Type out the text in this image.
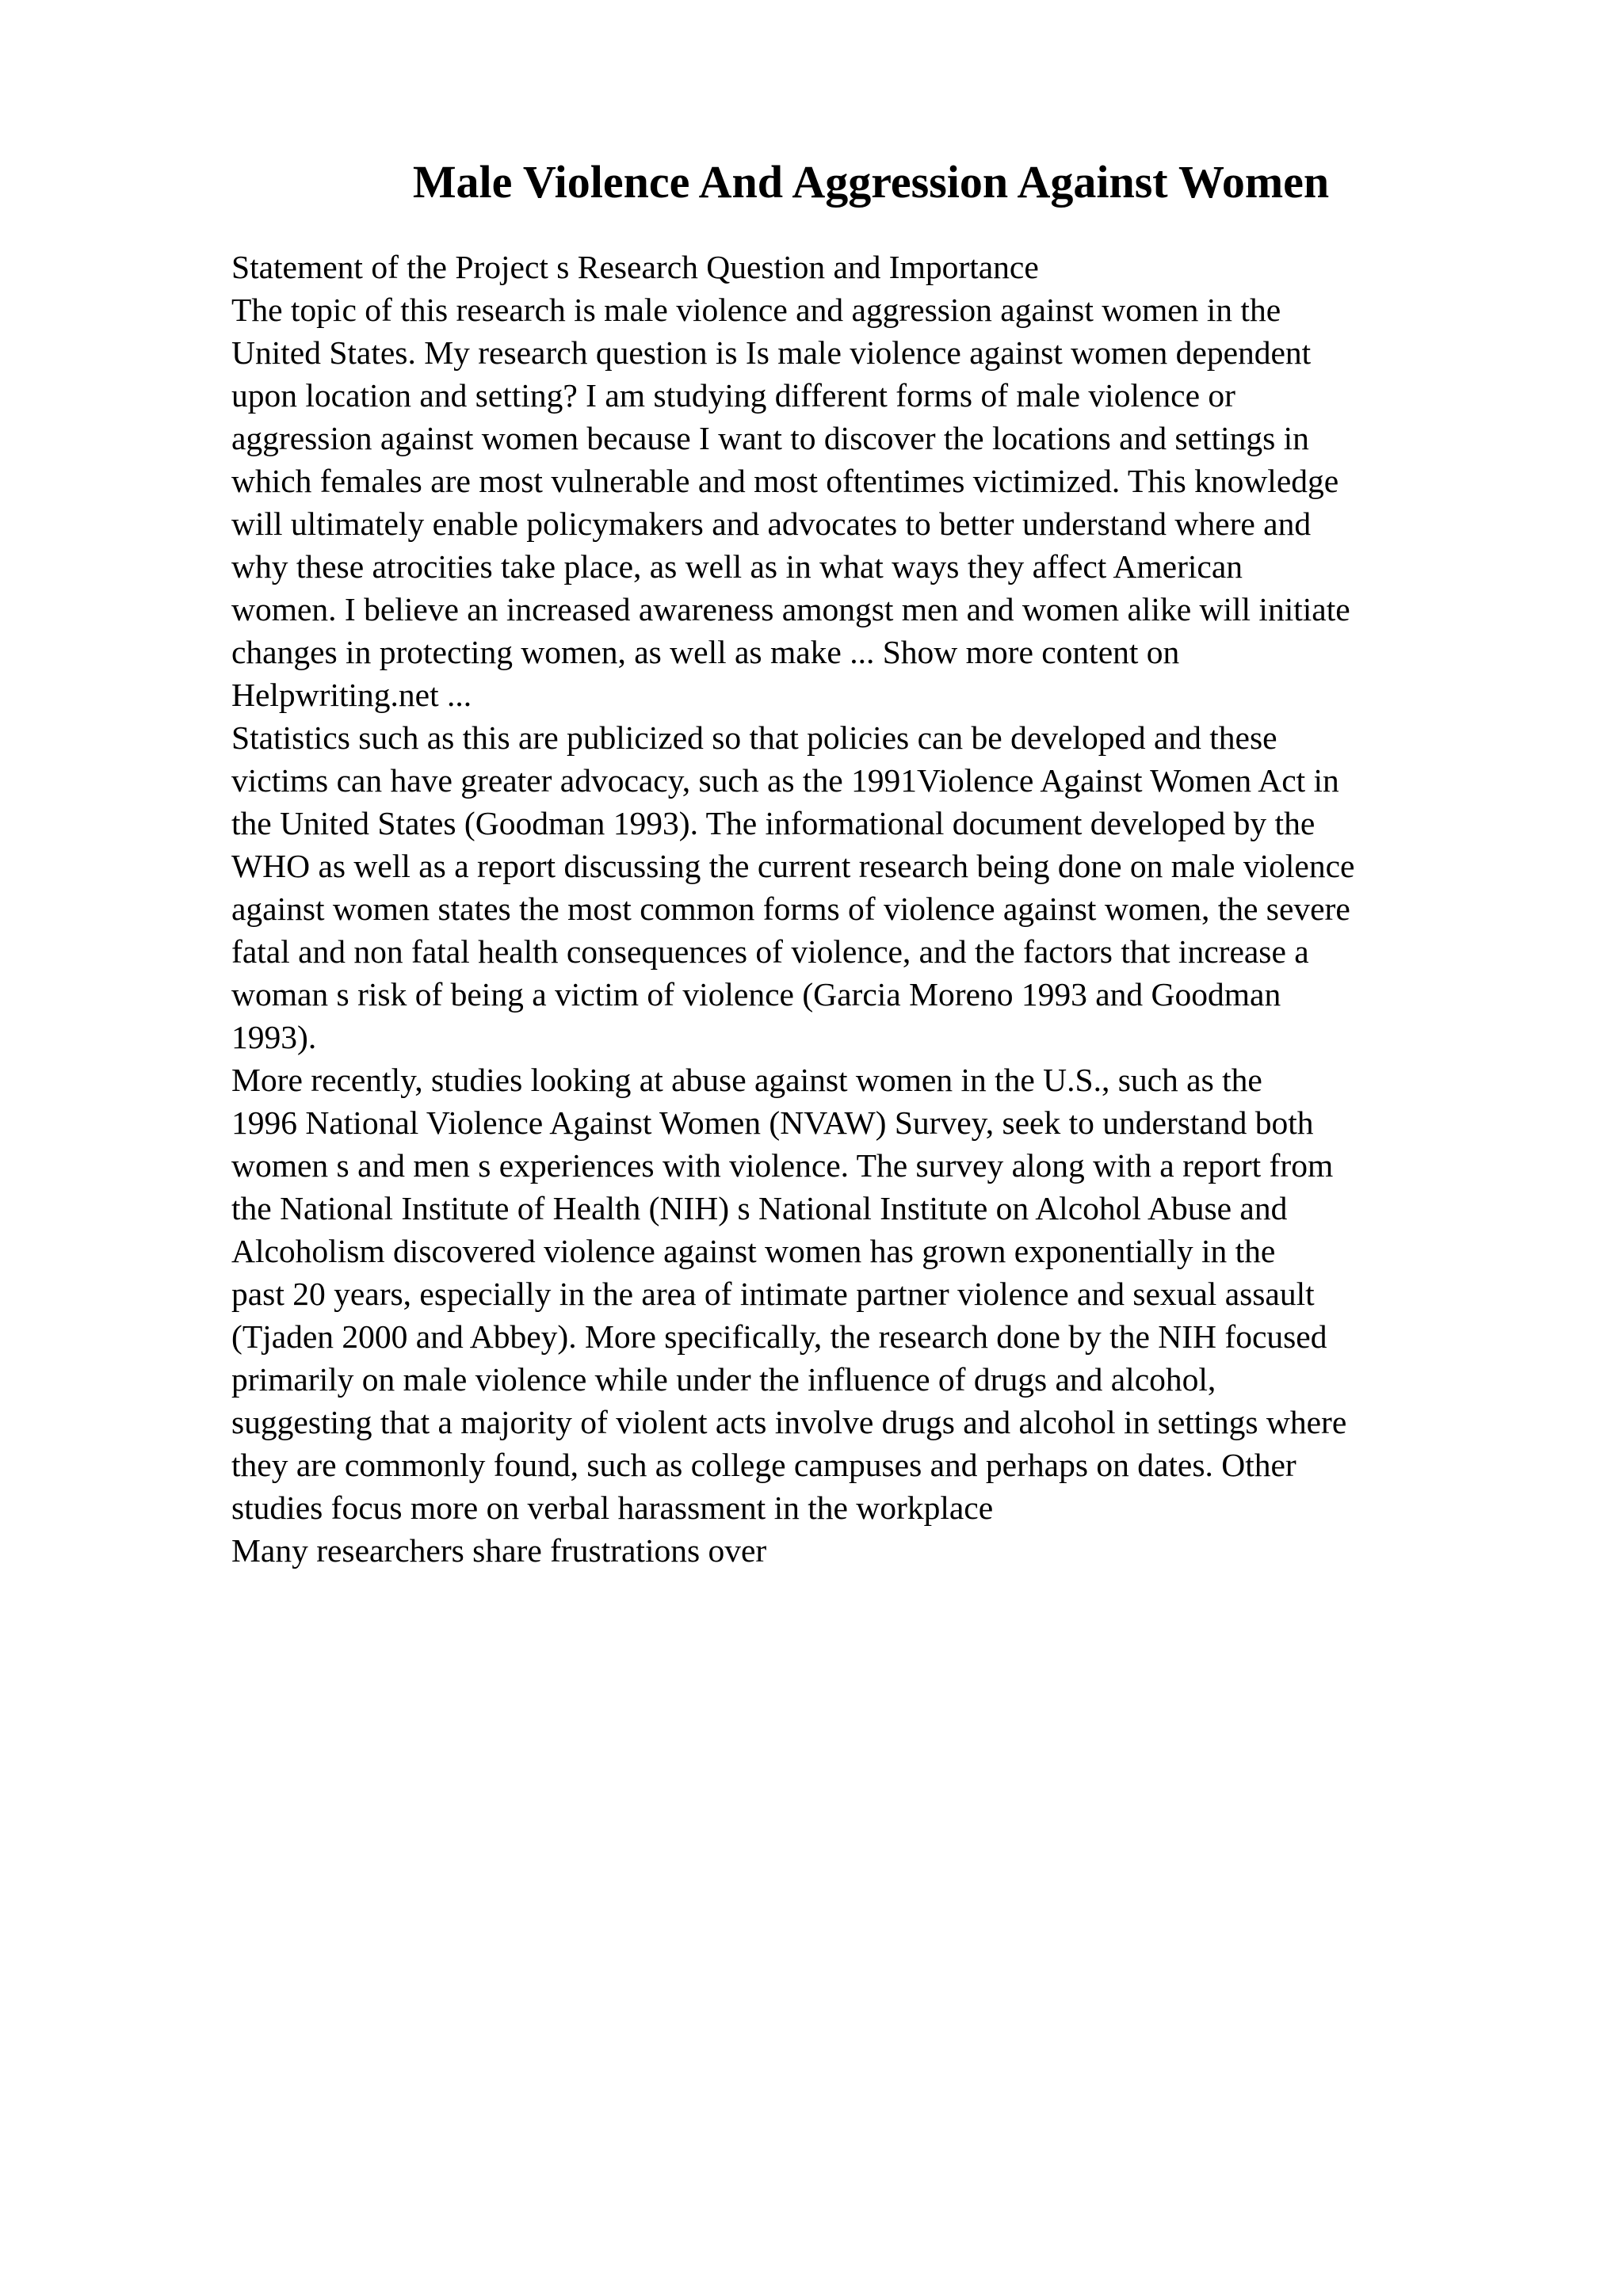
Male Violence And Aggression Against Women
Statement of the Project s Research Question and Importance
The topic of this research is male violence and aggression against women in the
United States. My research question is Is male violence against women dependent
upon location and setting? I am studying different forms of male violence or
aggression against women because I want to discover the locations and settings in
which females are most vulnerable and most oftentimes victimized. This knowledge
will ultimately enable policymakers and advocates to better understand where and
why these atrocities take place, as well as in what ways they affect American
women. I believe an increased awareness amongst men and women alike will initiate
changes in protecting women, as well as make ... Show more content on
Helpwriting.net ...
Statistics such as this are publicized so that policies can be developed and these
victims can have greater advocacy, such as the 1991Violence Against Women Act in
the United States (Goodman 1993). The informational document developed by the
WHO as well as a report discussing the current research being done on male violence
against women states the most common forms of violence against women, the severe
fatal and non fatal health consequences of violence, and the factors that increase a
woman s risk of being a victim of violence (Garcia Moreno 1993 and Goodman
1993).
More recently, studies looking at abuse against women in the U.S., such as the
1996 National Violence Against Women (NVAW) Survey, seek to understand both
women s and men s experiences with violence. The survey along with a report from
the National Institute of Health (NIH) s National Institute on Alcohol Abuse and
Alcoholism discovered violence against women has grown exponentially in the
past 20 years, especially in the area of intimate partner violence and sexual assault
(Tjaden 2000 and Abbey). More specifically, the research done by the NIH focused
primarily on male violence while under the influence of drugs and alcohol,
suggesting that a majority of violent acts involve drugs and alcohol in settings where
they are commonly found, such as college campuses and perhaps on dates. Other
studies focus more on verbal harassment in the workplace
Many researchers share frustrations over
